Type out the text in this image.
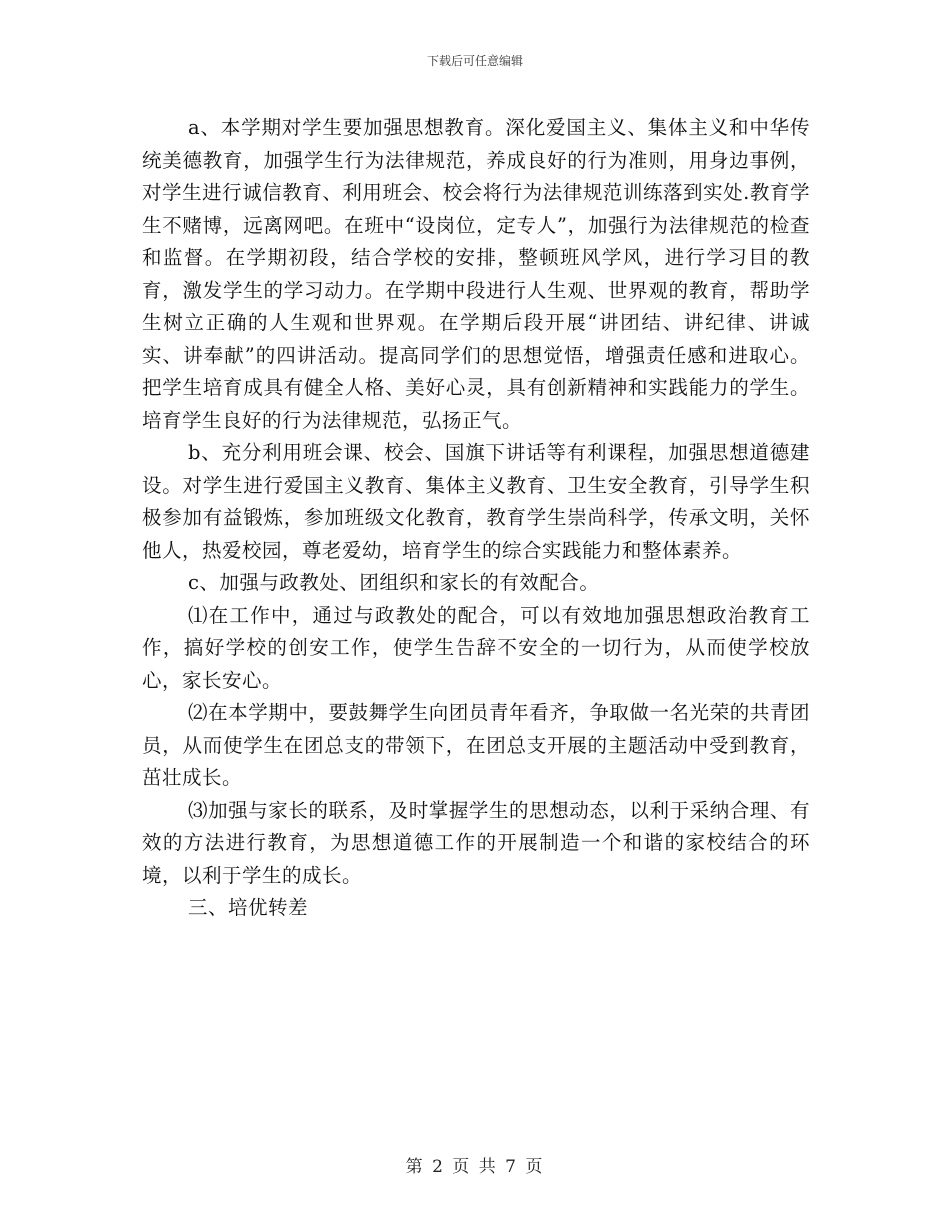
下载后可任意编辑

a、本学期对学生要加强思想教育。深化爱国主义、集体主义和中华传统美德教育，加强学生行为法律规范，养成良好的行为准则，用身边事例，对学生进行诚信教育、利用班会、校会将行为法律规范训练落到实处.教育学生不赌博，远离网吧。在班中“设岗位，定专人”，加强行为法律规范的检查和监督。在学期初段，结合学校的安排，整顿班风学风，进行学习目的教育，激发学生的学习动力。在学期中段进行人生观、世界观的教育，帮助学生树立正确的人生观和世界观。在学期后段开展“讲团结、讲纪律、讲诚实、讲奉献”的四讲活动。提高同学们的思想觉悟，增强责任感和进取心。把学生培育成具有健全人格、美好心灵，具有创新精神和实践能力的学生。培育学生良好的行为法律规范，弘扬正气。

b、充分利用班会课、校会、国旗下讲话等有利课程，加强思想道德建设。对学生进行爱国主义教育、集体主义教育、卫生安全教育，引导学生积极参加有益锻炼，参加班级文化教育，教育学生崇尚科学，传承文明，关怀他人，热爱校园，尊老爱幼，培育学生的综合实践能力和整体素养。

c、加强与政教处、团组织和家长的有效配合。

⑴在工作中，通过与政教处的配合，可以有效地加强思想政治教育工作，搞好学校的创安工作，使学生告辞不安全的一切行为，从而使学校放心，家长安心。

⑵在本学期中，要鼓舞学生向团员青年看齐，争取做一名光荣的共青团员，从而使学生在团总支的带领下，在团总支开展的主题活动中受到教育，茁壮成长。

⑶加强与家长的联系，及时掌握学生的思想动态，以利于采纳合理、有效的方法进行教育，为思想道德工作的开展制造一个和谐的家校结合的环境，以利于学生的成长。

三、培优转差

第 2 页 共 7 页
